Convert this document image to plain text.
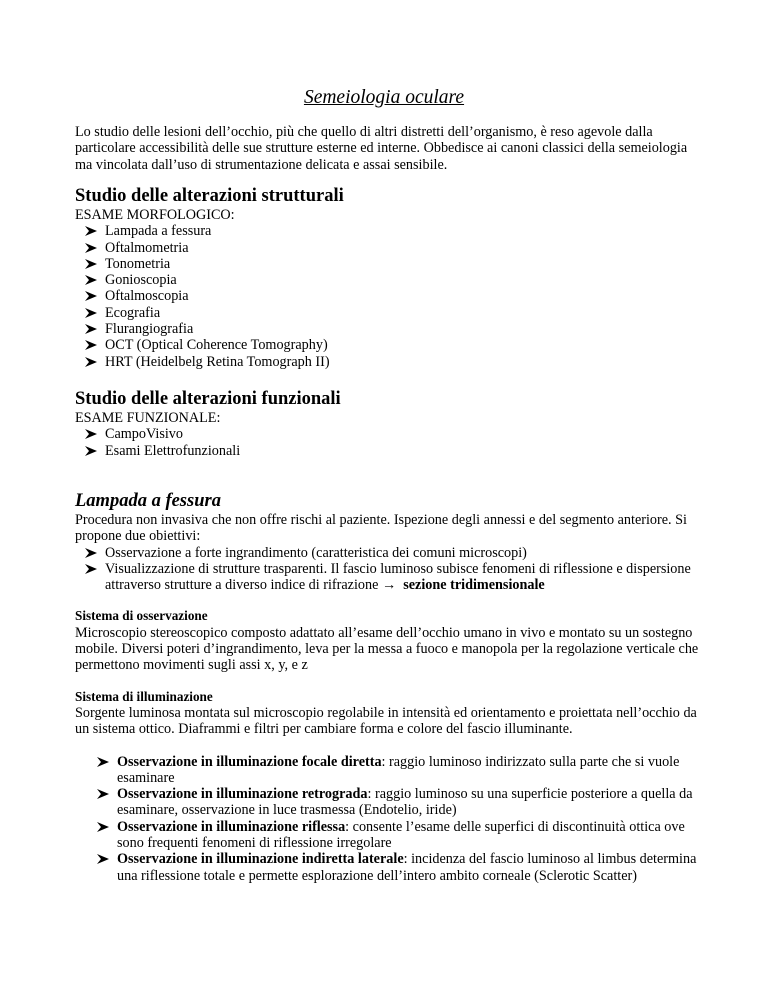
Semeiologia oculare

Lo studio delle lesioni dell’occhio, più che quello di altri distretti dell’organismo, è reso agevole dalla particolare accessibilità delle sue strutture esterne ed interne. Obbedisce ai canoni classici della semeiologia ma vincolata dall’uso di strumentazione delicata e assai sensibile.

Studio delle alterazioni strutturali

ESAME MORFOLOGICO:

Lampada a fessura
Oftalmometria
Tonometria
Gonioscopia
Oftalmoscopia
Ecografia
Flurangiografia
OCT (Optical Coherence Tomography)
HRT (Heidelbelg Retina Tomograph II)
Studio delle alterazioni funzionali

ESAME FUNZIONALE:

CampoVisivo
Esami Elettrofunzionali
Lampada a fessura

Procedura non invasiva che non offre rischi al paziente. Ispezione degli annessi e del segmento anteriore. Si propone due obiettivi:

Osservazione a forte ingrandimento (caratteristica dei comuni microscopi)
Visualizzazione di strutture trasparenti. Il fascio luminoso subisce fenomeni di riflessione e dispersione attraverso strutture a diverso indice di rifrazione → sezione tridimensionale

Sistema di osservazione

Microscopio stereoscopico composto adattato all’esame dell’occhio umano in vivo e montato su un sostegno mobile. Diversi poteri d’ingrandimento, leva per la messa a fuoco e manopola per la regolazione verticale che permettono movimenti sugli assi x, y, e z

Sistema di illuminazione

Sorgente luminosa montata sul microscopio regolabile in intensità ed orientamento e proiettata nell’occhio da un sistema ottico. Diaframmi e filtri per cambiare forma e colore del fascio illuminante.

Osservazione in illuminazione focale diretta: raggio luminoso indirizzato sulla parte che si vuole esaminare
Osservazione in illuminazione retrograda: raggio luminoso su una superficie posteriore a quella da esaminare, osservazione in luce trasmessa (Endotelio, iride)
Osservazione in illuminazione riflessa: consente l’esame delle superfici di discontinuità ottica ove sono frequenti fenomeni di riflessione irregolare
Osservazione in illuminazione indiretta laterale: incidenza del fascio luminoso al limbus determina una riflessione totale e permette esplorazione dell’intero ambito corneale (Sclerotic Scatter)
